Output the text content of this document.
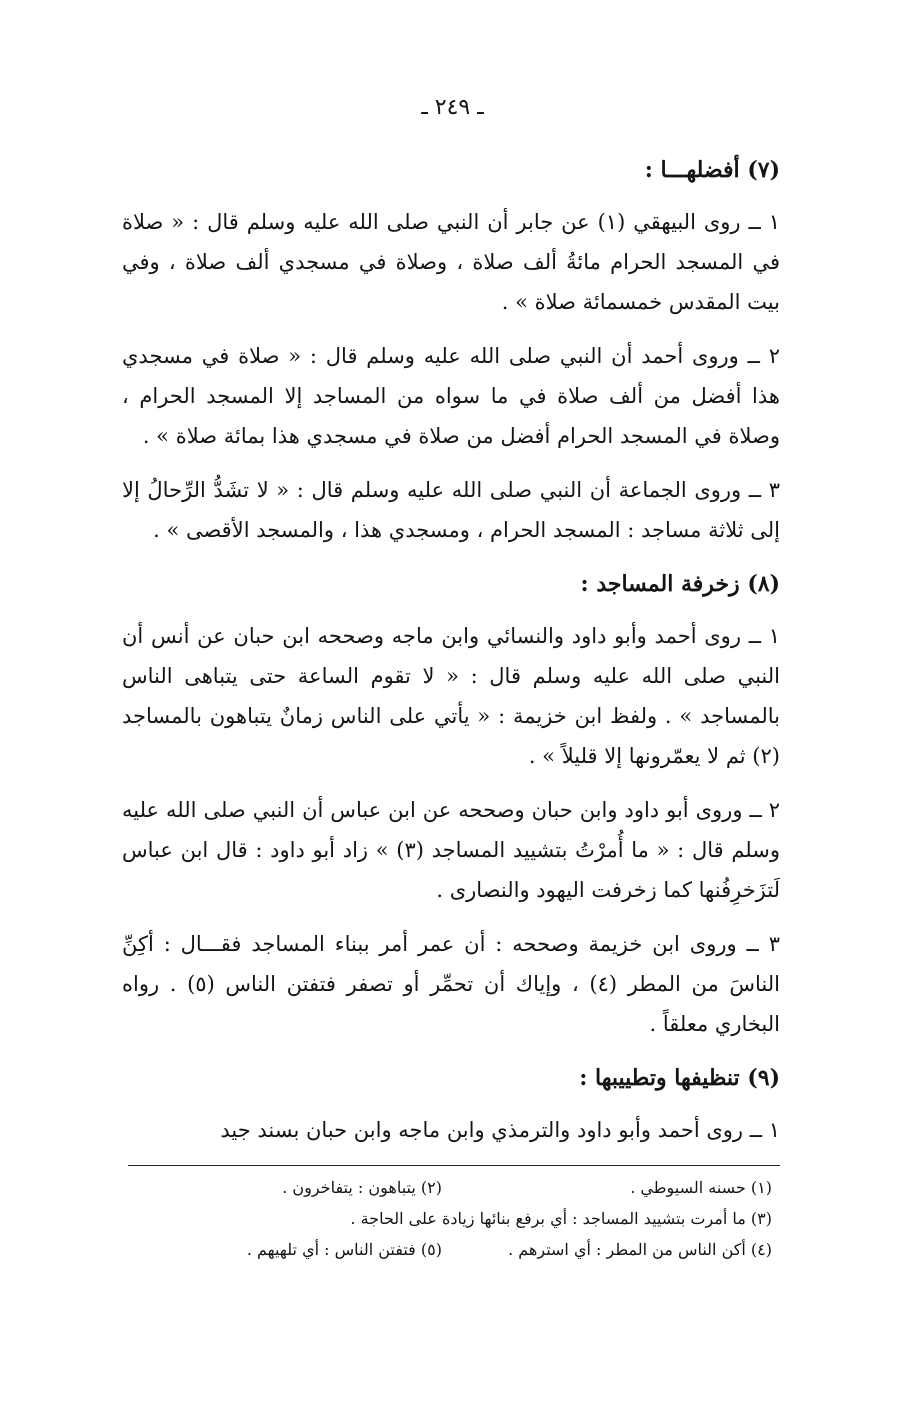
ـ ٢٤٩ ـ
(٧) أفضلهـــا :

١ ــ روى البيهقي (١) عن جابر أن النبي صلى الله عليه وسلم قال : « صلاة في المسجد الحرام مائةُ ألف صلاة ، وصلاة في مسجدي ألف صلاة ، وفي بيت المقدس خمسمائة صلاة » .

٢ ــ وروى أحمد أن النبي صلى الله عليه وسلم قال : « صلاة في مسجدي هذا أفضل من ألف صلاة في ما سواه من المساجد إلا المسجد الحرام ، وصلاة في المسجد الحرام أفضل من صلاة في مسجدي هذا بمائة صلاة » .

٣ ــ وروى الجماعة أن النبي صلى الله عليه وسلم قال : « لا تشَدُّ الرِّحالُ إلا إلى ثلاثة مساجد : المسجد الحرام ، ومسجدي هذا ، والمسجد الأقصى » .

(٨) زخرفة المساجد :

١ ــ روى أحمد وأبو داود والنسائي وابن ماجه وصححه ابن حبان عن أنس أن النبي صلى الله عليه وسلم قال : « لا تقوم الساعة حتى يتباهى الناس بالمساجد » . ولفظ ابن خزيمة : « يأتي على الناس زمانٌ يتباهون بالمساجد (٢) ثم لا يعمّرونها إلا قليلاً » .

٢ ــ وروى أبو داود وابن حبان وصححه عن ابن عباس أن النبي صلى الله عليه وسلم قال : « ما أُمرْتُ بتشييد المساجد (٣) » زاد أبو داود : قال ابن عباس لَتزَخرِفُنها كما زخرفت اليهود والنصارى .

٣ ــ وروى ابن خزيمة وصححه : أن عمر أمر ببناء المساجد فقـــال : أكِنِّ الناسَ من المطر (٤) ، وإياك أن تحمِّر أو تصفر فتفتن الناس (٥) . رواه البخاري معلقاً .

(٩) تنظيفها وتطييبها :

١ ــ روى أحمد وأبو داود والترمذي وابن ماجه وابن حبان بسند جيد

(١) حسنه السيوطي .
(٢) يتباهون : يتفاخرون .
(٣) ما أمرت بتشييد المساجد : أي برفع بنائها زيادة على الحاجة .
(٤) أكن الناس من المطر : أي استرهم .
(٥) فتفتن الناس : أي تلهيهم .
